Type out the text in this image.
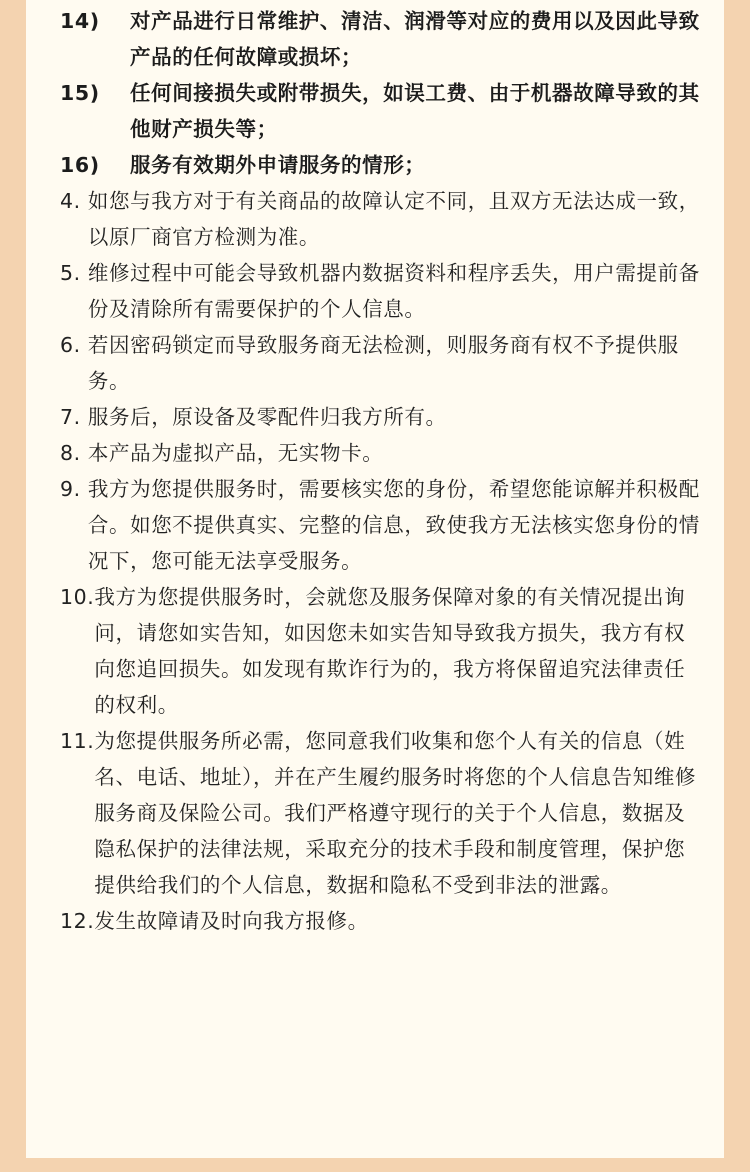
14)	对产品进行日常维护、清洁、润滑等对应的费用以及因此导致产品的任何故障或损坏；
15)	任何间接损失或附带损失，如误工费、由于机器故障导致的其他财产损失等；
16)	服务有效期外申请服务的情形；
4. 如您与我方对于有关商品的故障认定不同，且双方无法达成一致，以原厂商官方检测为准。
5. 维修过程中可能会导致机器内数据资料和程序丢失，用户需提前备份及清除所有需要保护的个人信息。
6. 若因密码锁定而导致服务商无法检测，则服务商有权不予提供服务。
7. 服务后，原设备及零配件归我方所有。
8. 本产品为虚拟产品，无实物卡。
9. 我方为您提供服务时，需要核实您的身份，希望您能谅解并积极配合。如您不提供真实、完整的信息，致使我方无法核实您身份的情况下，您可能无法享受服务。
10. 我方为您提供服务时，会就您及服务保障对象的有关情况提出询问，请您如实告知，如因您未如实告知导致我方损失，我方有权向您追回损失。如发现有欺诈行为的，我方将保留追究法律责任的权利。
11. 为您提供服务所必需，您同意我们收集和您个人有关的信息（姓名、电话、地址），并在产生履约服务时将您的个人信息告知维修服务商及保险公司。我们严格遵守现行的关于个人信息，数据及隐私保护的法律法规，采取充分的技术手段和制度管理，保护您提供给我们的个人信息，数据和隐私不受到非法的泄露。
12. 发生故障请及时向我方报修。
